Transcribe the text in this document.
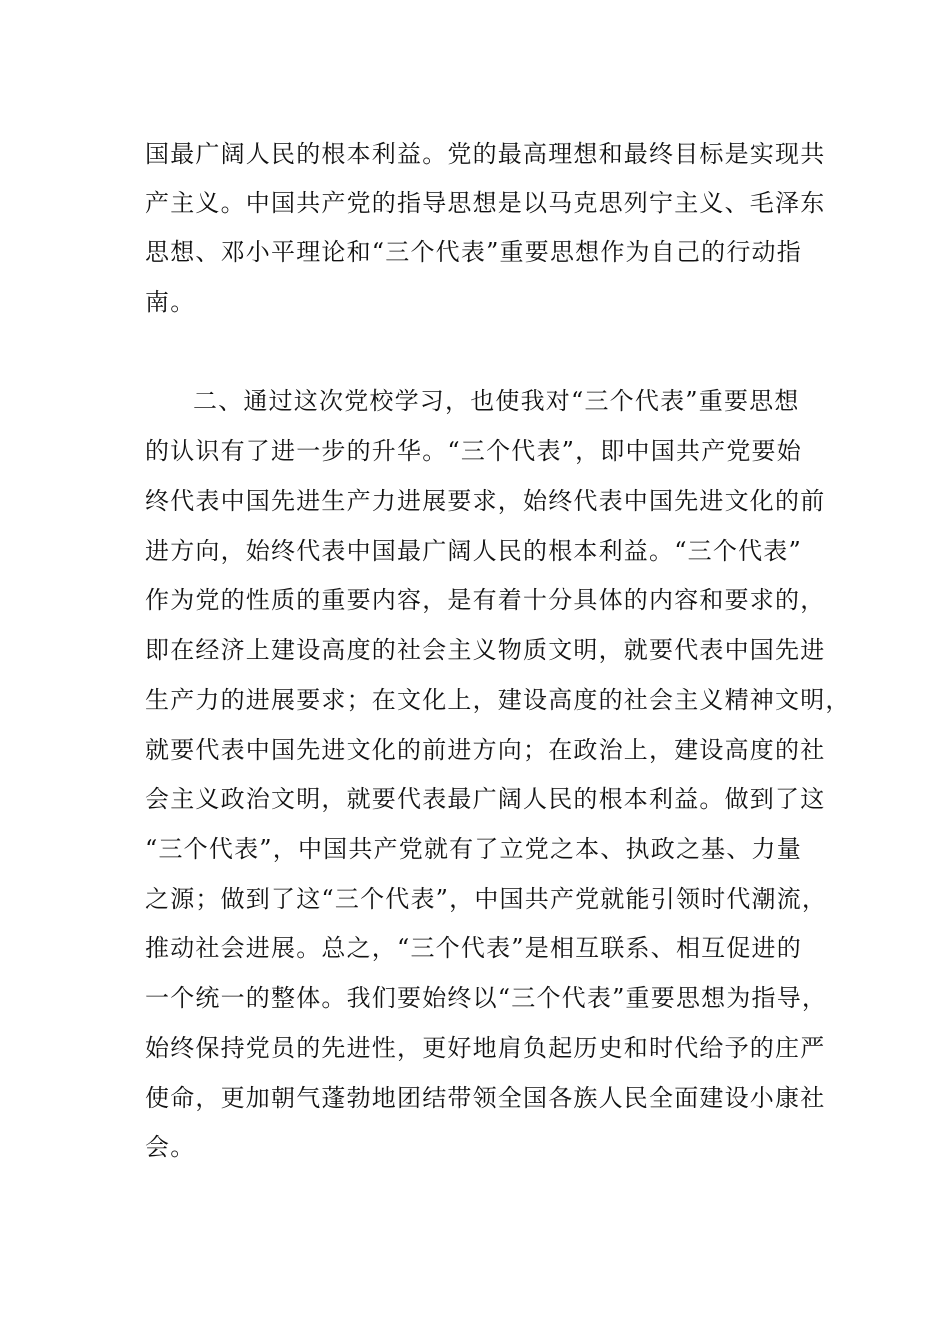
国最广阔人民的根本利益。党的最高理想和最终目标是实现共
产主义。中国共产党的指导思想是以马克思列宁主义、毛泽东
思想、邓小平理论和“三个代表”重要思想作为自己的行动指
南。
二、通过这次党校学习，也使我对“三个代表”重要思想
的认识有了进一步的升华。“三个代表”，即中国共产党要始
终代表中国先进生产力进展要求，始终代表中国先进文化的前
进方向，始终代表中国最广阔人民的根本利益。“三个代表”
作为党的性质的重要内容，是有着十分具体的内容和要求的，
即在经济上建设高度的社会主义物质文明，就要代表中国先进
生产力的进展要求；在文化上，建设高度的社会主义精神文明，
就要代表中国先进文化的前进方向；在政治上，建设高度的社
会主义政治文明，就要代表最广阔人民的根本利益。做到了这
“三个代表”，中国共产党就有了立党之本、执政之基、力量
之源；做到了这“三个代表”，中国共产党就能引领时代潮流，
推动社会进展。总之，“三个代表”是相互联系、相互促进的
一个统一的整体。我们要始终以“三个代表”重要思想为指导，
始终保持党员的先进性，更好地肩负起历史和时代给予的庄严
使命，更加朝气蓬勃地团结带领全国各族人民全面建设小康社
会。
